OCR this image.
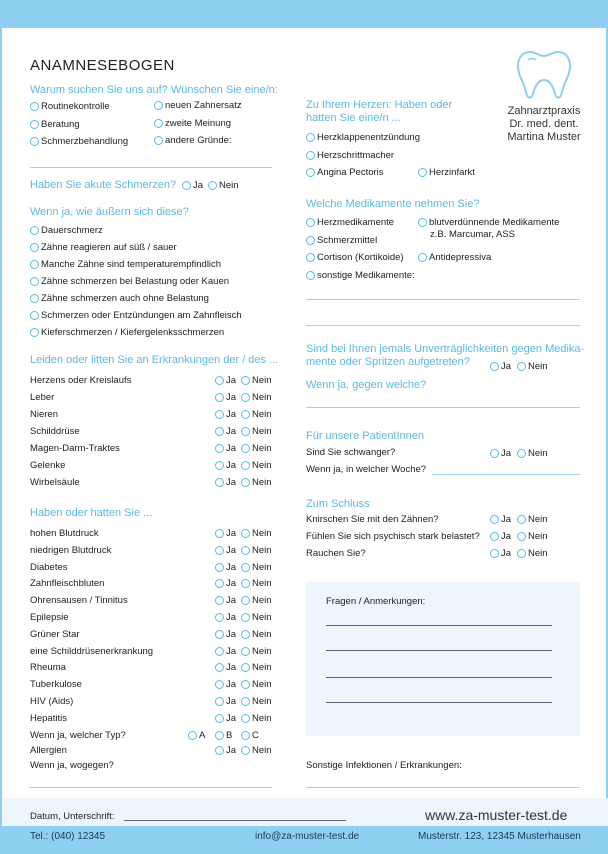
ANAMNESEBOGEN
Zahnarztpraxis
Dr. med. dent.
Martina Muster
Warum suchen Sie uns auf? Wünschen Sie eine/n:
Routinekontrolle	neuen Zahnersatz
Beratung	zweite Meinung
Schmerzbehandlung	andere Gründe:
Haben Sie akute Schmerzen? Ja Nein
Wenn ja, wie äußern sich diese?
Dauerschmerz
Zähne reagieren auf süß / sauer
Manche Zähne sind temperaturempfindlich
Zähne schmerzen bei Belastung oder Kauen
Zähne schmerzen auch ohne Belastung
Schmerzen oder Entzündungen am Zahnfleisch
Kieferschmerzen / Kiefergelenksschmerzen
Leiden oder litten Sie an Erkrankungen der / des ...
Herzens oder Kreislaufs	Ja Nein
Leber	Ja Nein
Nieren	Ja Nein
Schilddrüse	Ja Nein
Magen-Darm-Traktes	Ja Nein
Gelenke	Ja Nein
Wirbelsäule	Ja Nein
Haben oder hatten Sie ...
hohen Blutdruck	Ja Nein
niedrigen Blutdruck	Ja Nein
Diabetes	Ja Nein
Zahnfleischbluten	Ja Nein
Ohrensausen / Tinnitus	Ja Nein
Epilepsie	Ja Nein
Grüner Star	Ja Nein
eine Schilddrüsenerkrankung	Ja Nein
Rheuma	Ja Nein
Tuberkulose	Ja Nein
HIV (Aids)	Ja Nein
Hepatitis	Ja Nein
Wenn ja, welcher Typ?	A B C
Allergien	Ja Nein
Wenn ja, wogegen?
Zu Ihrem Herzen: Haben oder
hatten Sie eine/n ...
Herzklappenentzündung
Herzschrittmacher
Angina Pectoris	Herzinfarkt
Welche Medikamente nehmen Sie?
Herzmedikamente	blutverdünnende Medikamente
z.B. Marcumar, ASS
Schmerzmittel
Cortison (Kortikoide)	Antidepressiva
sonstige Medikamente:
Sind bei Ihnen jemals Unverträglichkeiten gegen Medika-
mente oder Spritzen aufgetreten?	Ja Nein
Wenn ja, gegen welche?
Für unsere PatientInnen
Sind Sie schwanger?	Ja Nein
Wenn ja, in welcher Woche?
Zum Schluss
Knirschen Sie mit den Zähnen?	Ja Nein
Fühlen Sie sich psychisch stark belastet? Ja Nein
Rauchen Sie?	Ja Nein
Fragen / Anmerkungen:
Sonstige Infektionen / Erkrankungen:
Datum, Unterschrift:	www.za-muster-test.de
Tel.: (040) 12345	info@za-muster-test.de	Musterstr. 123, 12345 Musterhausen
